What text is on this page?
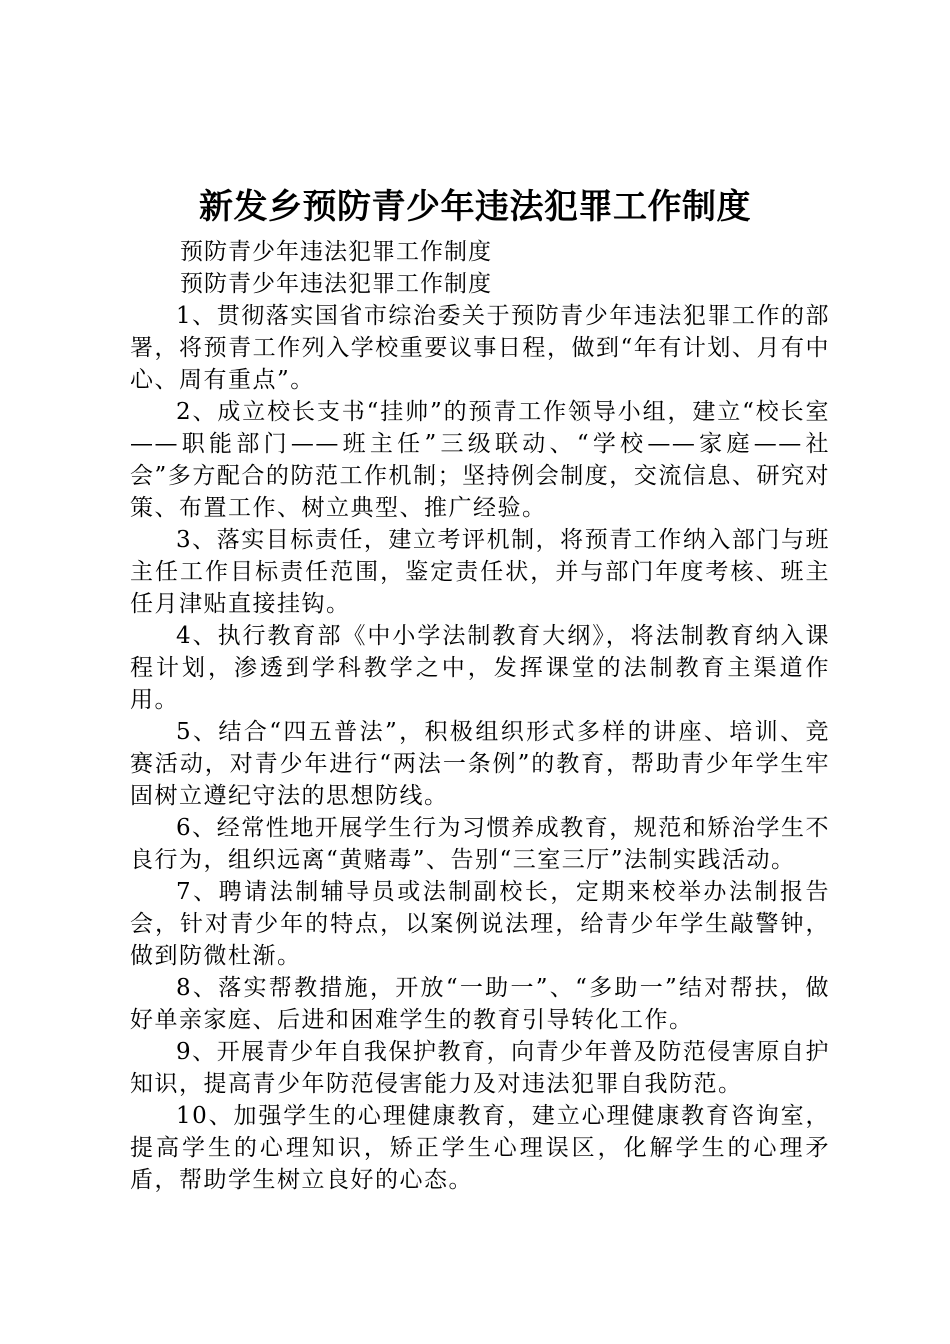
新发乡预防青少年违法犯罪工作制度

预防青少年违法犯罪工作制度

预防青少年违法犯罪工作制度

1、贯彻落实国省市综治委关于预防青少年违法犯罪工作的部署，将预青工作列入学校重要议事日程，做到“年有计划、月有中心、周有重点”。

2、成立校长支书“挂帅”的预青工作领导小组，建立“校长室——职能部门——班主任”三级联动、“学校——家庭——社会”多方配合的防范工作机制；坚持例会制度，交流信息、研究对策、布置工作、树立典型、推广经验。

3、落实目标责任，建立考评机制，将预青工作纳入部门与班主任工作目标责任范围，鉴定责任状，并与部门年度考核、班主任月津贴直接挂钩。

4、执行教育部《中小学法制教育大纲》，将法制教育纳入课程计划，渗透到学科教学之中，发挥课堂的法制教育主渠道作用。

5、结合“四五普法”，积极组织形式多样的讲座、培训、竞赛活动，对青少年进行“两法一条例”的教育，帮助青少年学生牢固树立遵纪守法的思想防线。

6、经常性地开展学生行为习惯养成教育，规范和矫治学生不良行为，组织远离“黄赌毒”、告别“三室三厅”法制实践活动。

7、聘请法制辅导员或法制副校长，定期来校举办法制报告会，针对青少年的特点，以案例说法理，给青少年学生敲警钟，做到防微杜渐。

8、落实帮教措施，开放“一助一”、“多助一”结对帮扶，做好单亲家庭、后进和困难学生的教育引导转化工作。

9、开展青少年自我保护教育，向青少年普及防范侵害原自护知识，提高青少年防范侵害能力及对违法犯罪自我防范。

10、加强学生的心理健康教育，建立心理健康教育咨询室，提高学生的心理知识，矫正学生心理误区，化解学生的心理矛盾，帮助学生树立良好的心态。
